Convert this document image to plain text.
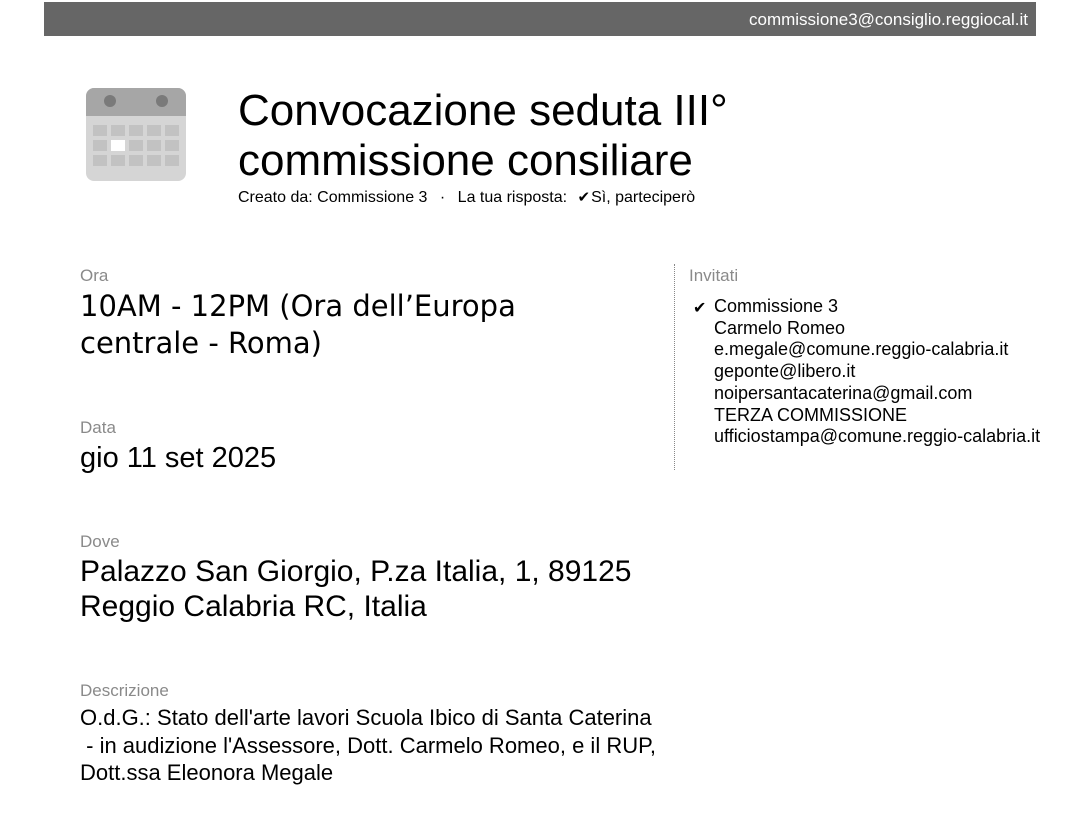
commissione3@consiglio.reggiocal.it
Convocazione seduta III° commissione consiliare
Creato da: Commissione 3 · La tua risposta: ✔Sì, parteciperò
Ora
10AM - 12PM (Ora dell’Europa centrale - Roma)
Data
gio 11 set 2025
Dove
Palazzo San Giorgio, P.za Italia, 1, 89125 Reggio Calabria RC, Italia
Descrizione
O.d.G.: Stato dell'arte lavori Scuola Ibico di Santa Caterina
- in audizione l'Assessore, Dott. Carmelo Romeo, e il RUP,  Dott.ssa Eleonora Megale
Invitati
✔ Commissione 3
Carmelo Romeo
e.megale@comune.reggio-calabria.it
geponte@libero.it
noipersantacaterina@gmail.com
TERZA COMMISSIONE
ufficiostampa@comune.reggio-calabria.it
